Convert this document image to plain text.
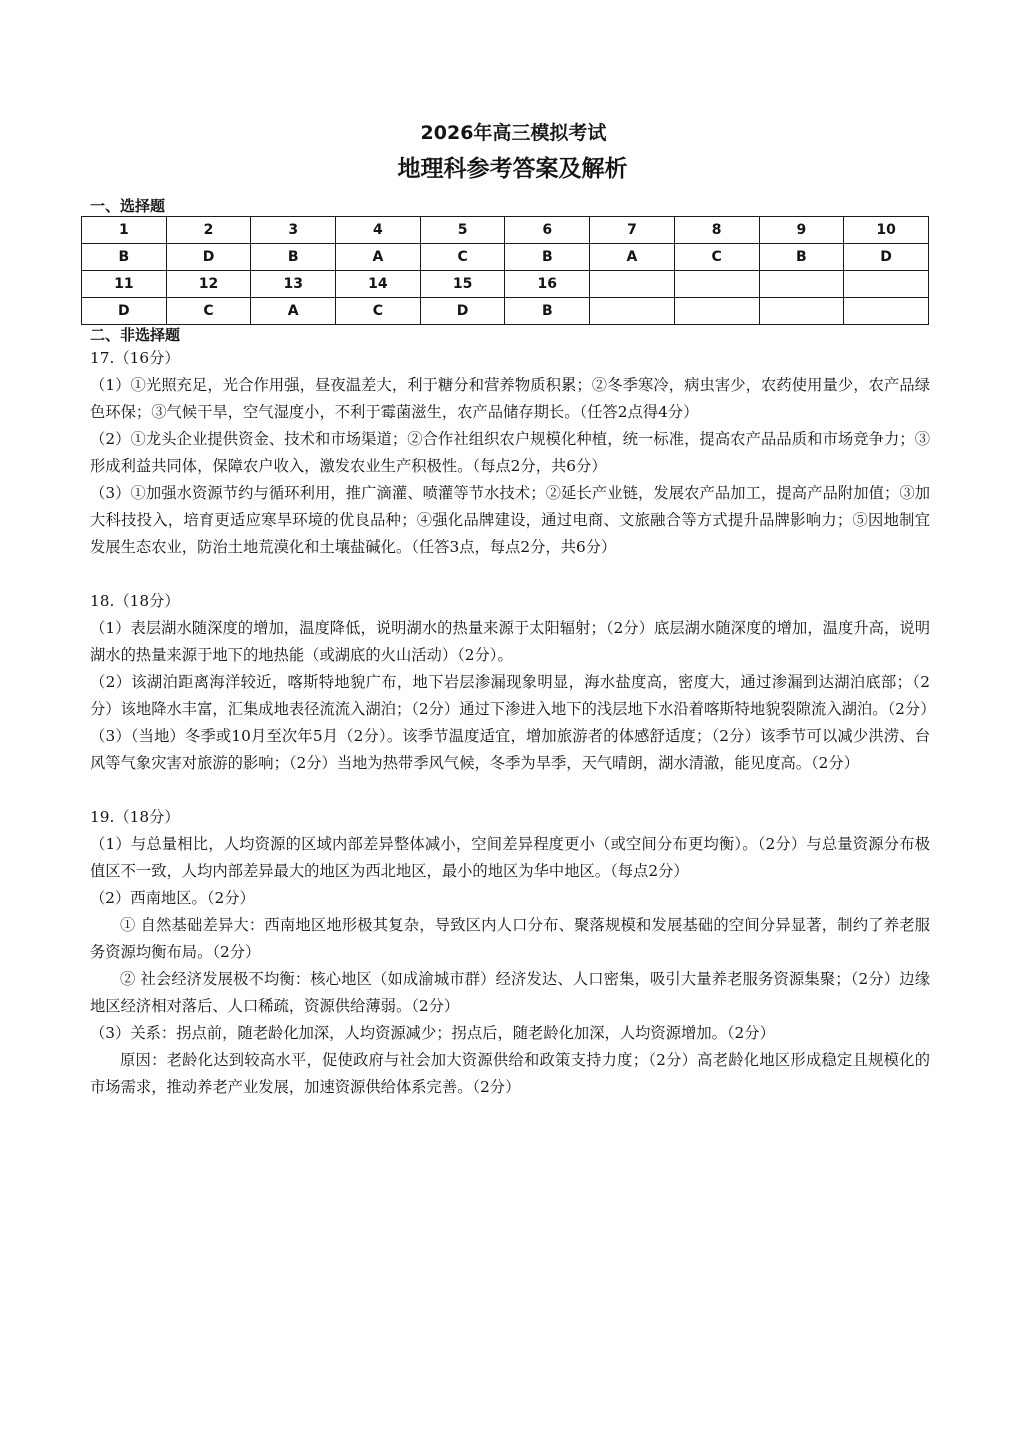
2026年高三模拟考试
地理科参考答案及解析
一、选择题
1	2	3	4	5	6	7	8	9	10
B	D	B	A	C	B	A	C	B	D
11	12	13	14	15	16				
D	C	A	C	D	B				
二、非选择题

17.（16分）

（1）①光照充足，光合作用强，昼夜温差大，利于糖分和营养物质积累；②冬季寒冷，病虫害少，农药使用量少，农产品绿色环保；③气候干旱，空气湿度小，不利于霉菌滋生，农产品储存期长。（任答2点得4分）

（2）①龙头企业提供资金、技术和市场渠道；②合作社组织农户规模化种植，统一标准，提高农产品品质和市场竞争力；③形成利益共同体，保障农户收入，激发农业生产积极性。（每点2分，共6分）

（3）①加强水资源节约与循环利用，推广滴灌、喷灌等节水技术；②延长产业链，发展农产品加工，提高产品附加值；③加大科技投入，培育更适应寒旱环境的优良品种；④强化品牌建设，通过电商、文旅融合等方式提升品牌影响力；⑤因地制宜发展生态农业，防治土地荒漠化和土壤盐碱化。（任答3点，每点2分，共6分）

18.（18分）

（1）表层湖水随深度的增加，温度降低，说明湖水的热量来源于太阳辐射；（2分）底层湖水随深度的增加，温度升高，说明湖水的热量来源于地下的地热能（或湖底的火山活动）（2分）。

（2）该湖泊距离海洋较近，喀斯特地貌广布，地下岩层渗漏现象明显，海水盐度高，密度大，通过渗漏到达湖泊底部；（2分）该地降水丰富，汇集成地表径流流入湖泊；（2分）通过下渗进入地下的浅层地下水沿着喀斯特地貌裂隙流入湖泊。（2分）

（3）（当地）冬季或10月至次年5月（2分）。该季节温度适宜，增加旅游者的体感舒适度；（2分）该季节可以减少洪涝、台风等气象灾害对旅游的影响；（2分）当地为热带季风气候，冬季为旱季，天气晴朗，湖水清澈，能见度高。（2分）

19.（18分）

（1）与总量相比，人均资源的区域内部差异整体减小，空间差异程度更小（或空间分布更均衡）。（2分）与总量资源分布极值区不一致，人均内部差异最大的地区为西北地区，最小的地区为华中地区。（每点2分）

（2）西南地区。（2分）

① 自然基础差异大：西南地区地形极其复杂，导致区内人口分布、聚落规模和发展基础的空间分异显著，制约了养老服务资源均衡布局。（2分）

② 社会经济发展极不均衡：核心地区（如成渝城市群）经济发达、人口密集，吸引大量养老服务资源集聚；（2分）边缘地区经济相对落后、人口稀疏，资源供给薄弱。（2分）

（3）关系：拐点前，随老龄化加深，人均资源减少；拐点后，随老龄化加深，人均资源增加。（2分）

原因：老龄化达到较高水平，促使政府与社会加大资源供给和政策支持力度；（2分）高老龄化地区形成稳定且规模化的市场需求，推动养老产业发展，加速资源供给体系完善。（2分）
